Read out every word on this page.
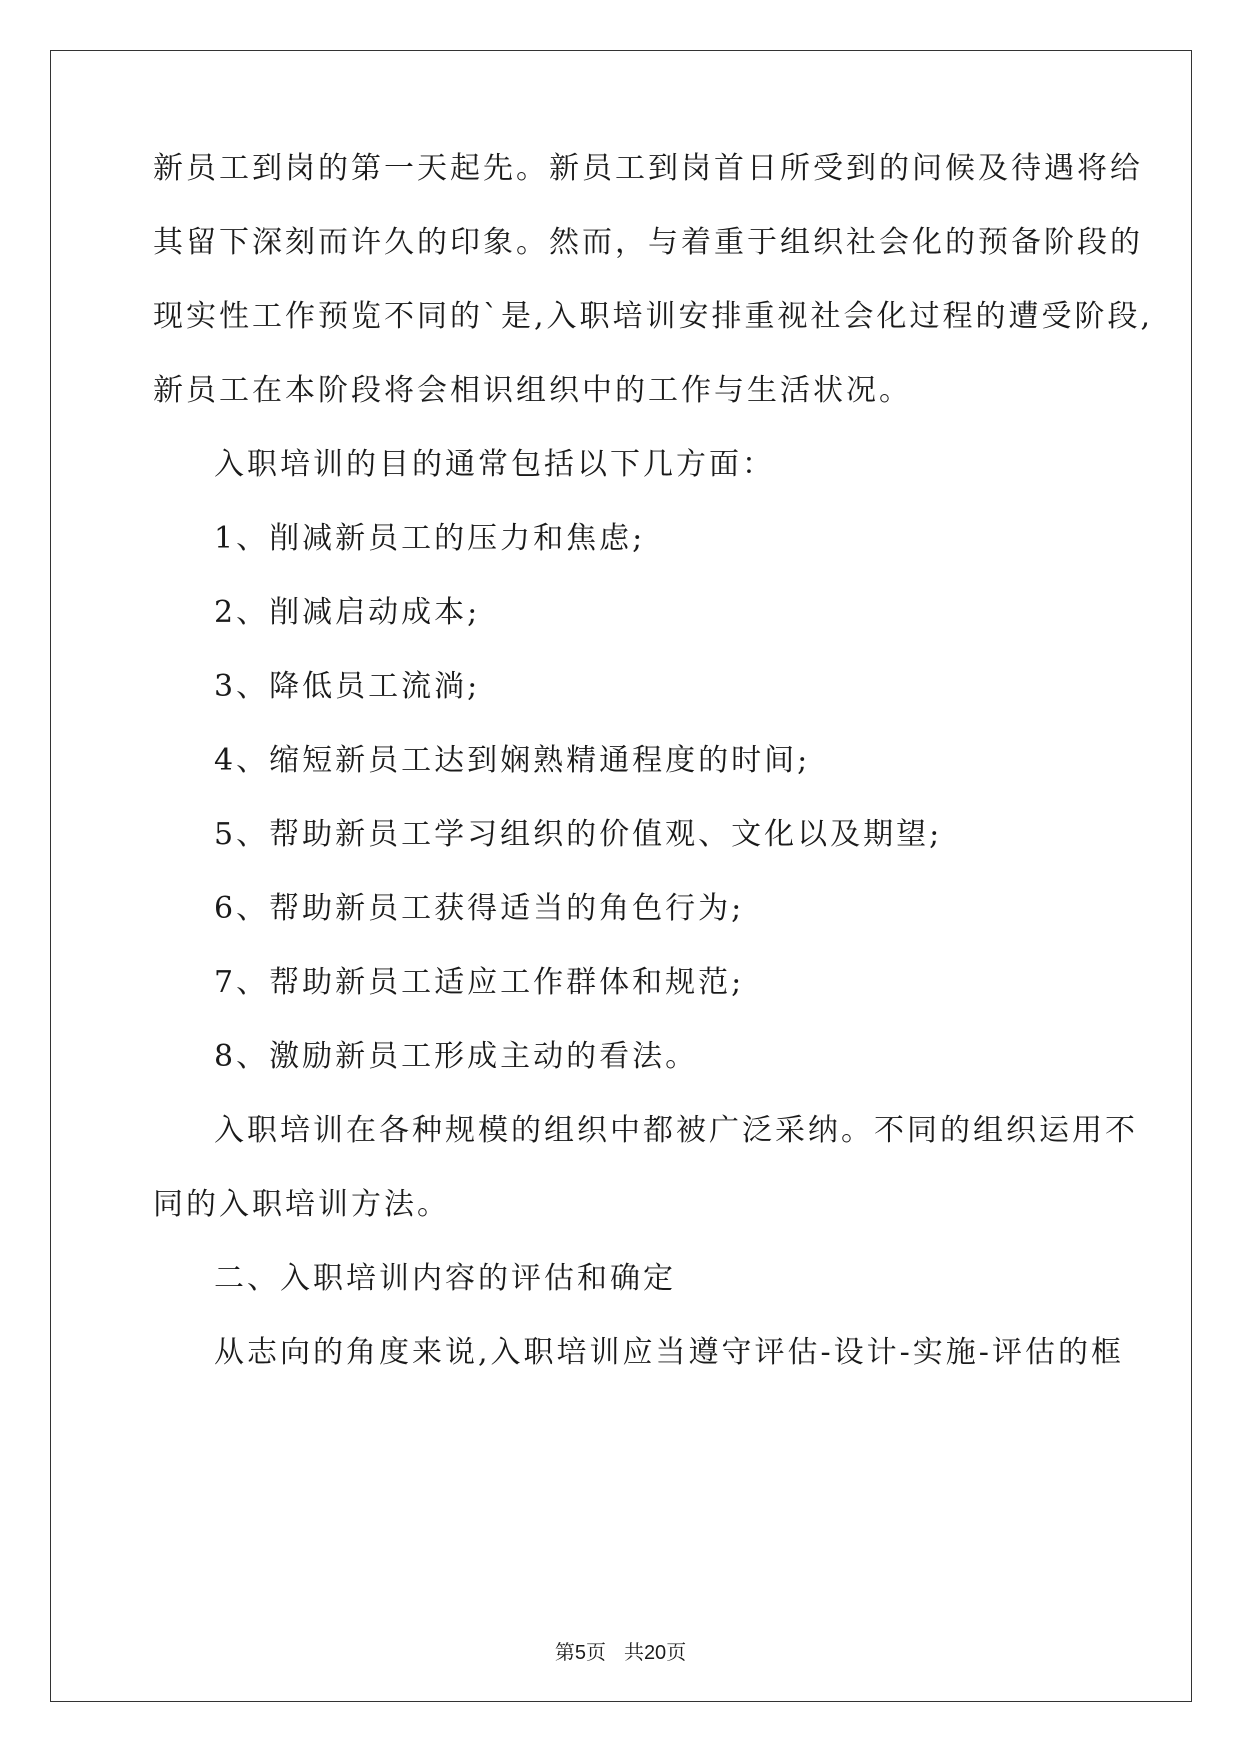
新员工到岗的第一天起先。新员工到岗首日所受到的问候及待遇将给
其留下深刻而许久的印象。然而，与着重于组织社会化的预备阶段的
现实性工作预览不同的`是,入职培训安排重视社会化过程的遭受阶段,
新员工在本阶段将会相识组织中的工作与生活状况。
入职培训的目的通常包括以下几方面：
1、削减新员工的压力和焦虑;
2、削减启动成本;
3、降低员工流淌;
4、缩短新员工达到娴熟精通程度的时间;
5、帮助新员工学习组织的价值观、文化以及期望;
6、帮助新员工获得适当的角色行为;
7、帮助新员工适应工作群体和规范;
8、激励新员工形成主动的看法。
入职培训在各种规模的组织中都被广泛采纳。不同的组织运用不
同的入职培训方法。
二、入职培训内容的评估和确定
从志向的角度来说,入职培训应当遵守评估-设计-实施-评估的框
第5页 共20页
